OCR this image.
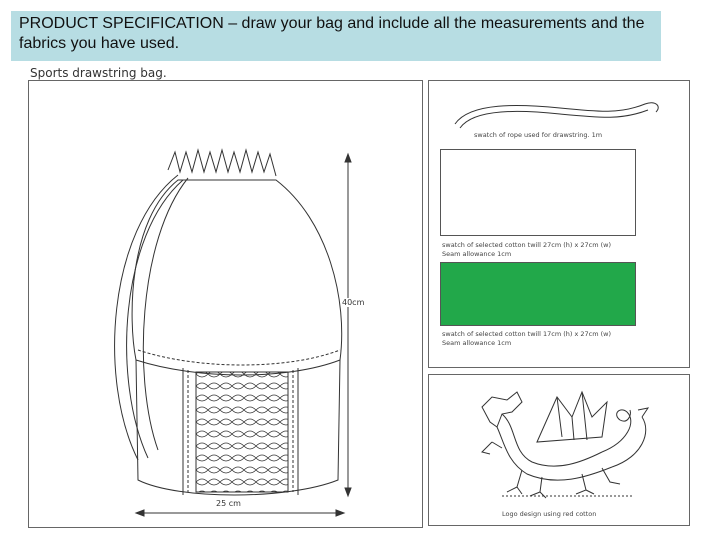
PRODUCT SPECIFICATION – draw your bag and include all the measurements and the fabrics you have used.
Sports drawstring bag.
40cm
25 cm
swatch of rope used for drawstring. 1m
swatch of selected cotton twill 27cm (h) x 27cm (w)
Seam allowance 1cm
swatch of selected cotton twill 17cm (h) x 27cm (w)
Seam allowance 1cm
Logo design using red cotton
